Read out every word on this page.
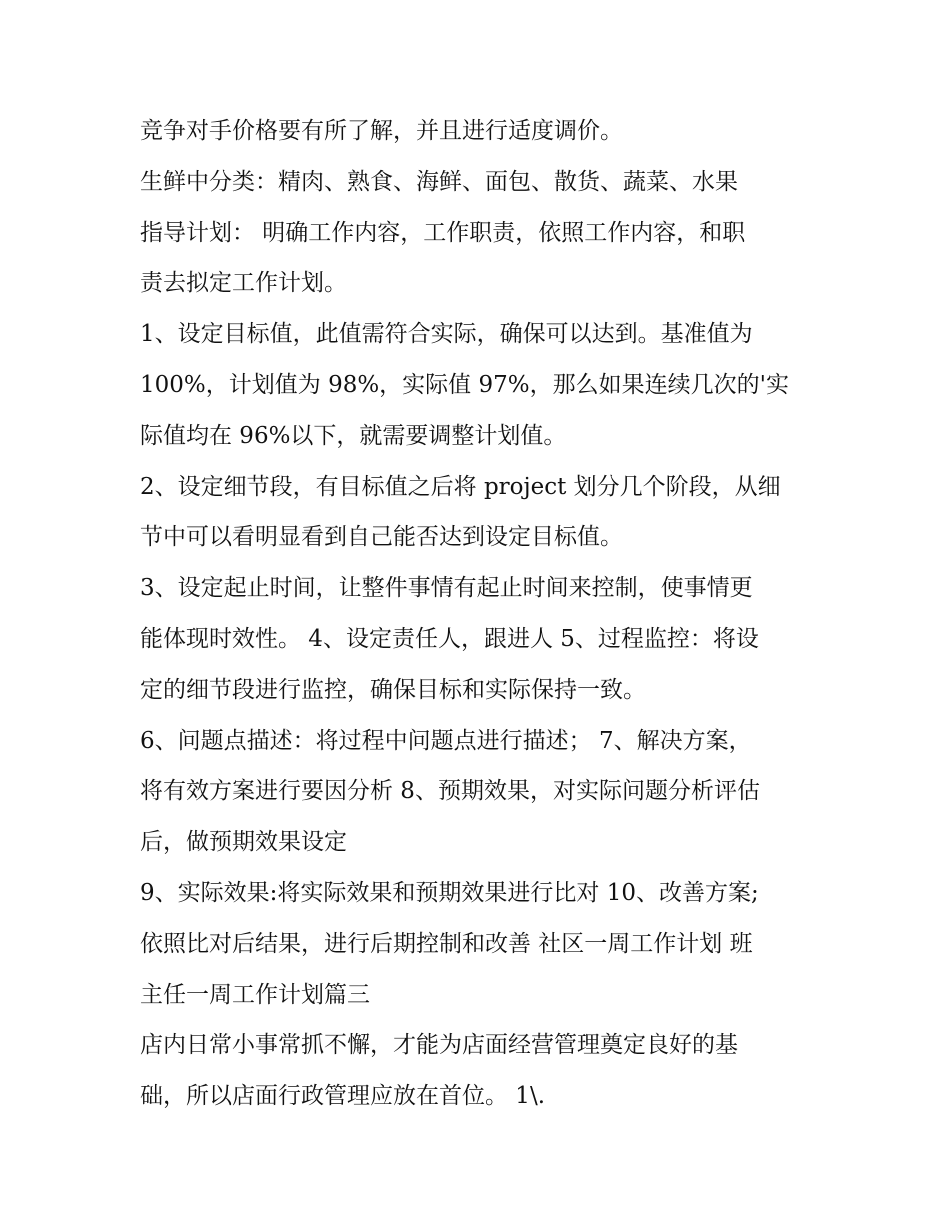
竞争对手价格要有所了解，并且进行适度调价。
生鲜中分类：精肉、熟食、海鲜、面包、散货、蔬菜、水果
指导计划： 明确工作内容，工作职责，依照工作内容，和职
责去拟定工作计划。
1、设定目标值，此值需符合实际，确保可以达到。基准值为
100%，计划值为 98%，实际值 97%，那么如果连续几次的'实
际值均在 96%以下，就需要调整计划值。
2、设定细节段，有目标值之后将 project 划分几个阶段，从细
节中可以看明显看到自己能否达到设定目标值。
3、设定起止时间，让整件事情有起止时间来控制，使事情更
能体现时效性。 4、设定责任人，跟进人 5、过程监控：将设
定的细节段进行监控，确保目标和实际保持一致。
6、问题点描述：将过程中问题点进行描述； 7、解决方案，
将有效方案进行要因分析 8、预期效果，对实际问题分析评估
后，做预期效果设定
9、实际效果:将实际效果和预期效果进行比对 10、改善方案;
依照比对后结果，进行后期控制和改善 社区一周工作计划 班
主任一周工作计划篇三
店内日常小事常抓不懈，才能为店面经营管理奠定良好的基
础，所以店面行政管理应放在首位。 1\.
